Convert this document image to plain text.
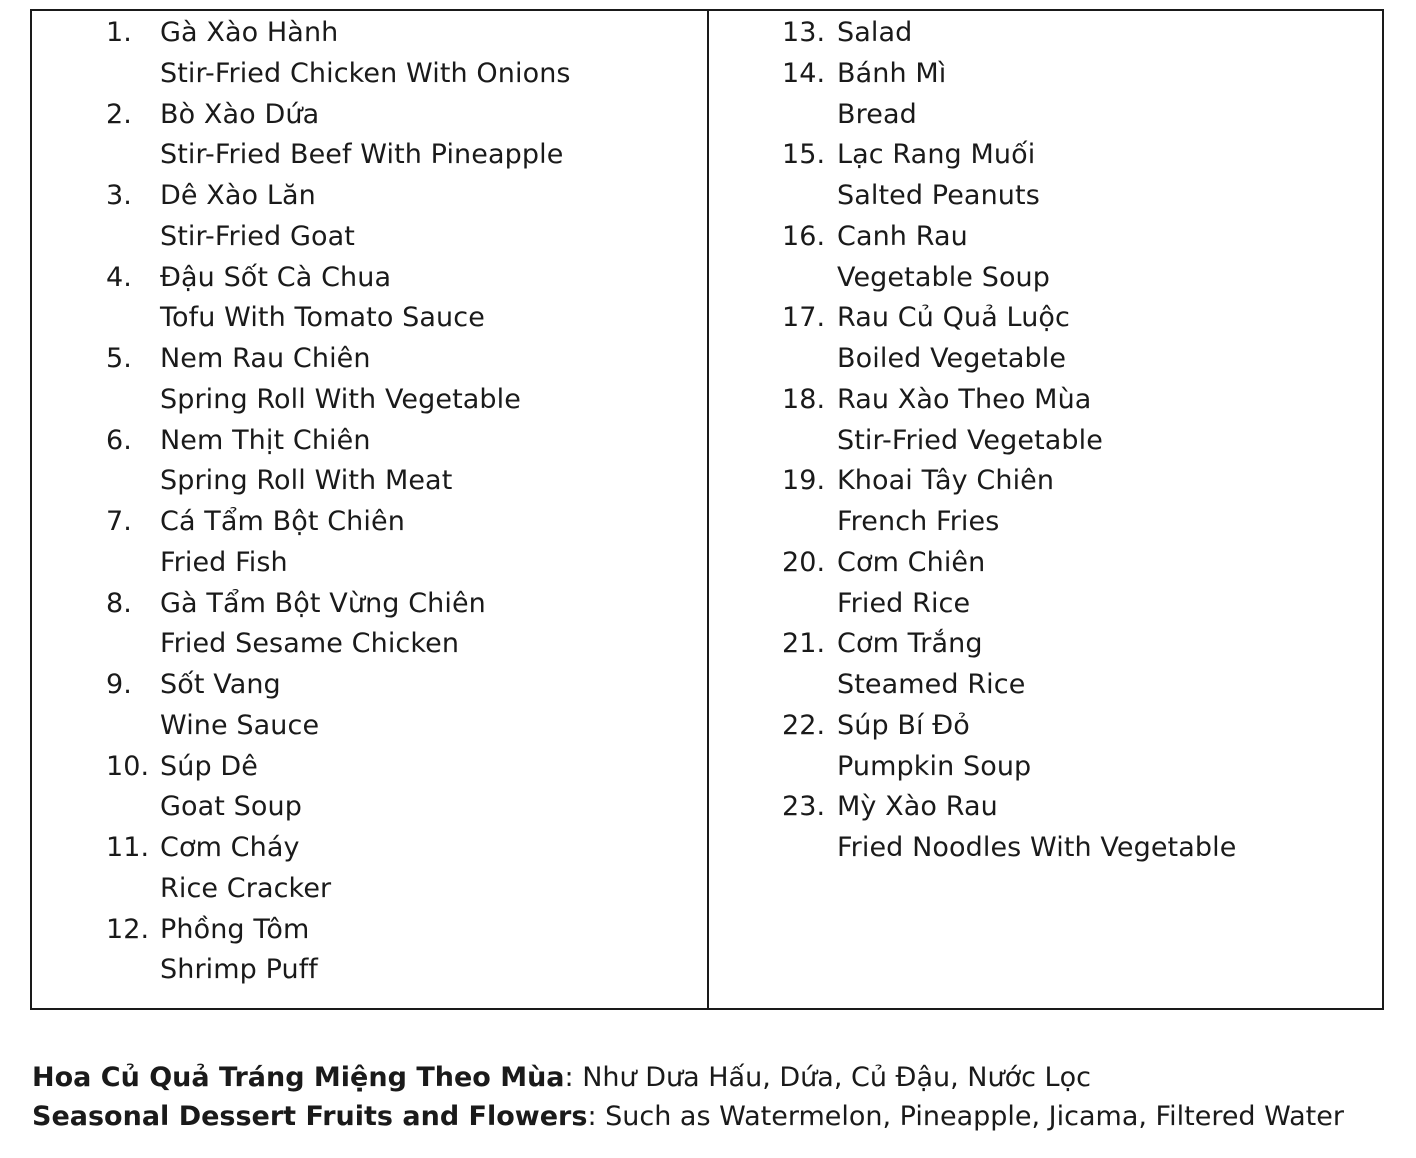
1. Gà Xào Hành
Stir-Fried Chicken With Onions
2. Bò Xào Dứa
Stir-Fried Beef With Pineapple
3. Dê Xào Lăn
Stir-Fried Goat
4. Đậu Sốt Cà Chua
Tofu With Tomato Sauce
5. Nem Rau Chiên
Spring Roll With Vegetable
6. Nem Thịt Chiên
Spring Roll With Meat
7. Cá Tẩm Bột Chiên
Fried Fish
8. Gà Tẩm Bột Vừng Chiên
Fried Sesame Chicken
9. Sốt Vang
Wine Sauce
10. Súp Dê
Goat Soup
11. Cơm Cháy
Rice Cracker
12. Phồng Tôm
Shrimp Puff
13. Salad
14. Bánh Mì
Bread
15. Lạc Rang Muối
Salted Peanuts
16. Canh Rau
Vegetable Soup
17. Rau Củ Quả Luộc
Boiled Vegetable
18. Rau Xào Theo Mùa
Stir-Fried Vegetable
19. Khoai Tây Chiên
French Fries
20. Cơm Chiên
Fried Rice
21. Cơm Trắng
Steamed Rice
22. Súp Bí Đỏ
Pumpkin Soup
23. Mỳ Xào Rau
Fried Noodles With Vegetable
Hoa Củ Quả Tráng Miệng Theo Mùa: Như Dưa Hấu, Dứa, Củ Đậu, Nước Lọc
Seasonal Dessert Fruits and Flowers: Such as Watermelon, Pineapple, Jicama, Filtered Water
